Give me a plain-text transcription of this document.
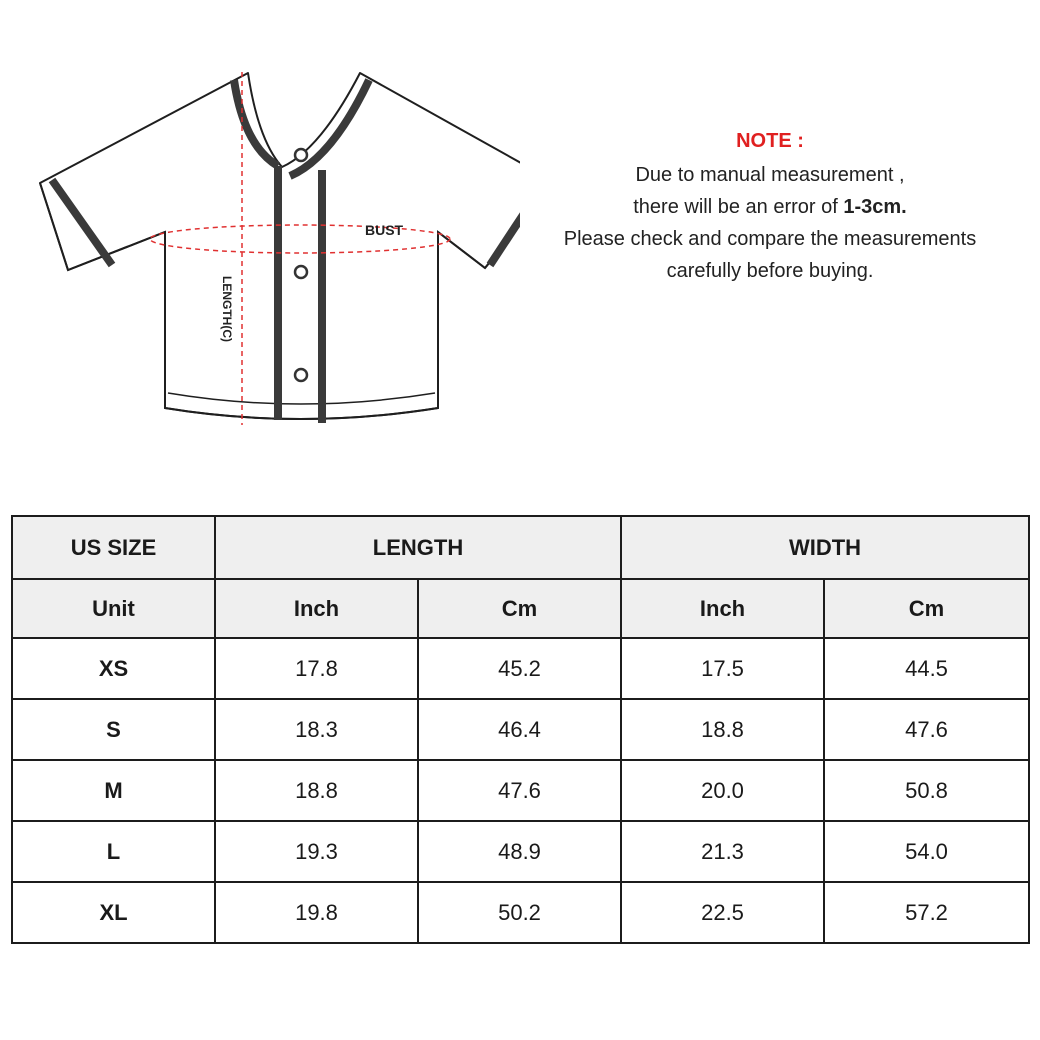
BUST
LENGTH(C)
NOTE :
Due to manual measurement ,
there will be an error of 1-3cm.
Please check and compare the measurements
carefully before buying.
US SIZE	LENGTH		WIDTH	
Unit	Inch	Cm	Inch	Cm
XS	17.8	45.2	17.5	44.5
S	18.3	46.4	18.8	47.6
M	18.8	47.6	20.0	50.8
L	19.3	48.9	21.3	54.0
XL	19.8	50.2	22.5	57.2
